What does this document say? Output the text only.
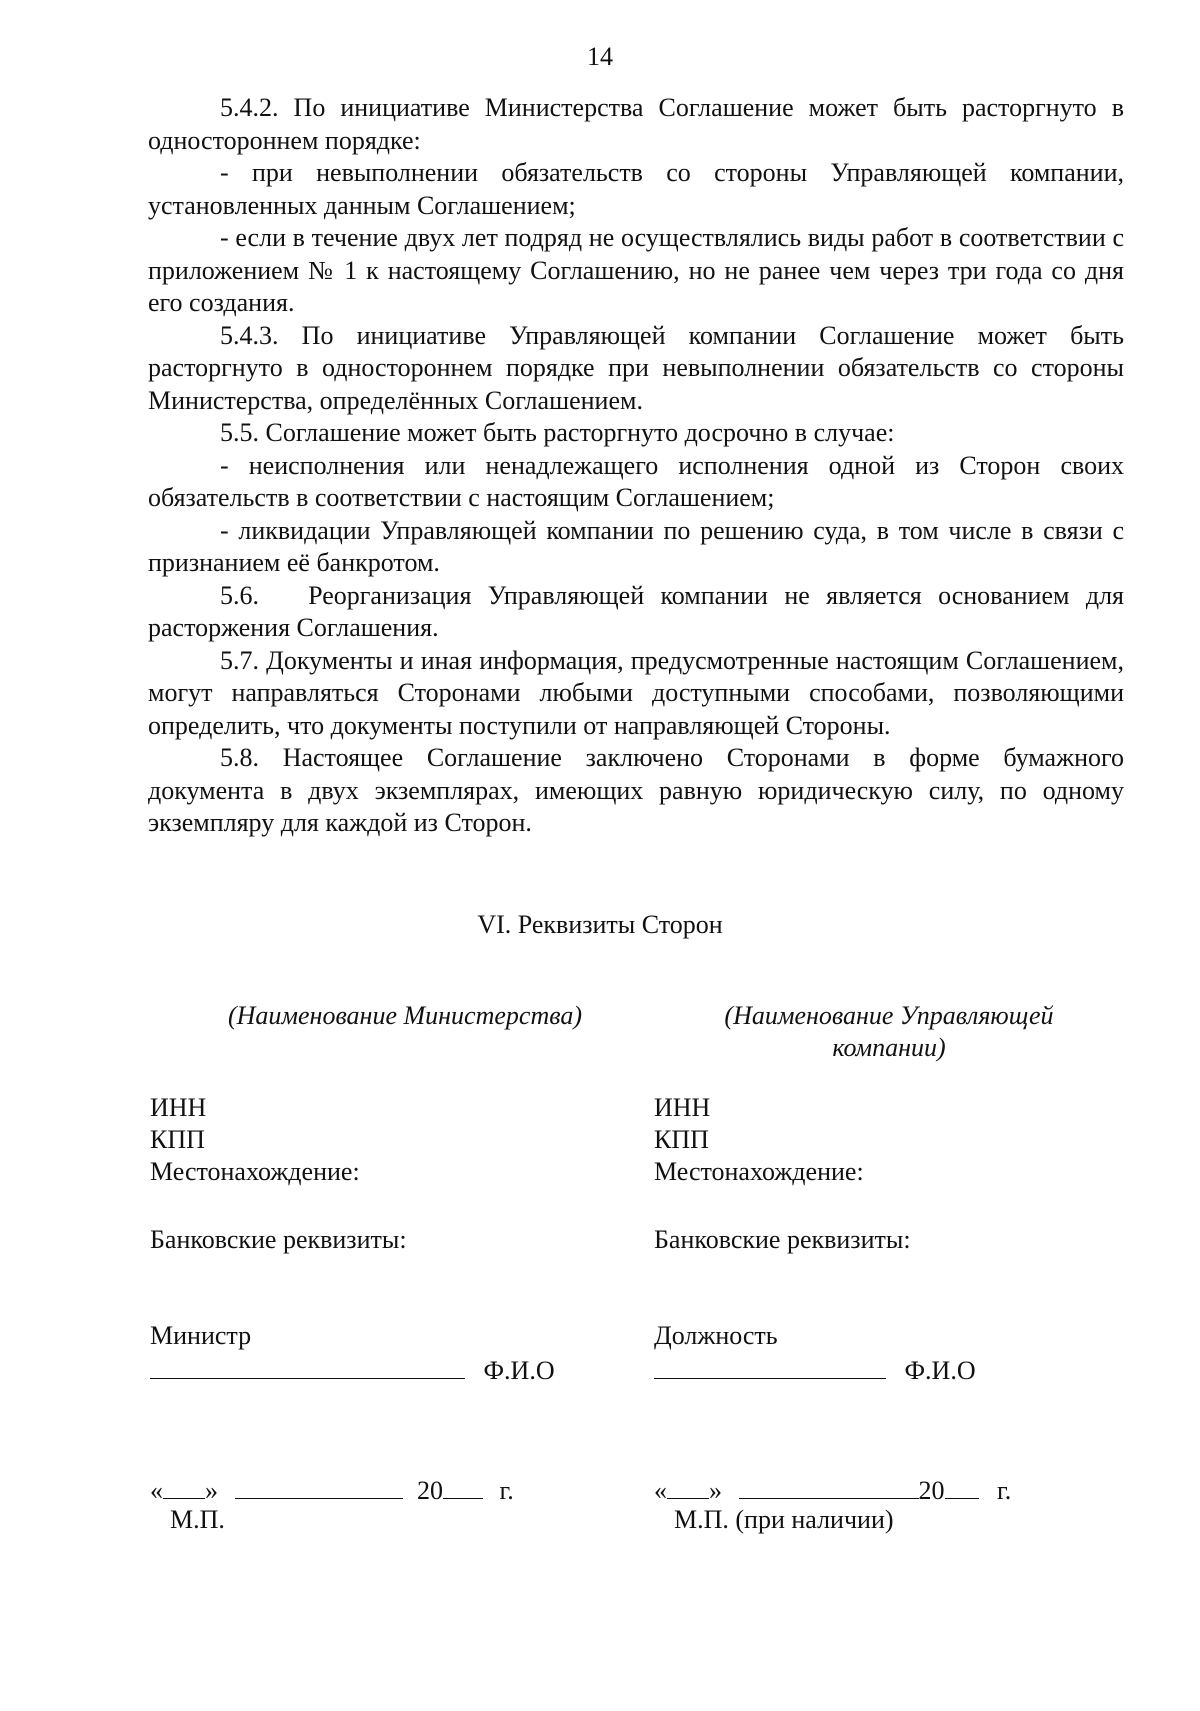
14

5.4.2. По инициативе Министерства Соглашение может быть расторгнуто в одностороннем порядке:

- при невыполнении обязательств со стороны Управляющей компании, установленных данным Соглашением;

- если в течение двух лет подряд не осуществлялись виды работ в соответствии с приложением № 1 к настоящему Соглашению, но не ранее чем через три года со дня его создания.

5.4.3. По инициативе Управляющей компании Соглашение может быть расторгнуто в одностороннем порядке при невыполнении обязательств со стороны Министерства, определённых Соглашением.

5.5. Соглашение может быть расторгнуто досрочно в случае:

- неисполнения или ненадлежащего исполнения одной из Сторон своих обязательств в соответствии с настоящим Соглашением;

- ликвидации Управляющей компании по решению суда, в том числе в связи с признанием её банкротом.

5.6.   Реорганизация Управляющей компании не является основанием для расторжения Соглашения.

5.7. Документы и иная информация, предусмотренные настоящим Соглашением, могут направляться Сторонами любыми доступными способами, позволяющими определить, что документы поступили от направляющей Стороны.

5.8. Настоящее Соглашение заключено Сторонами в форме бумажного документа в двух экземплярах, имеющих равную юридическую силу, по одному экземпляру для каждой из Сторон.

VI. Реквизиты Сторон
(Наименование Министерства)
ИНН
КПП
Местонахождение:
Банковские реквизиты:
Министр
Ф.И.О
« »	20 г.
М.П.
(Наименование Управляющей компании)
ИНН
КПП
Местонахождение:
Банковские реквизиты:
Должность
Ф.И.О
« »	20 г.
М.П. (при наличии)
